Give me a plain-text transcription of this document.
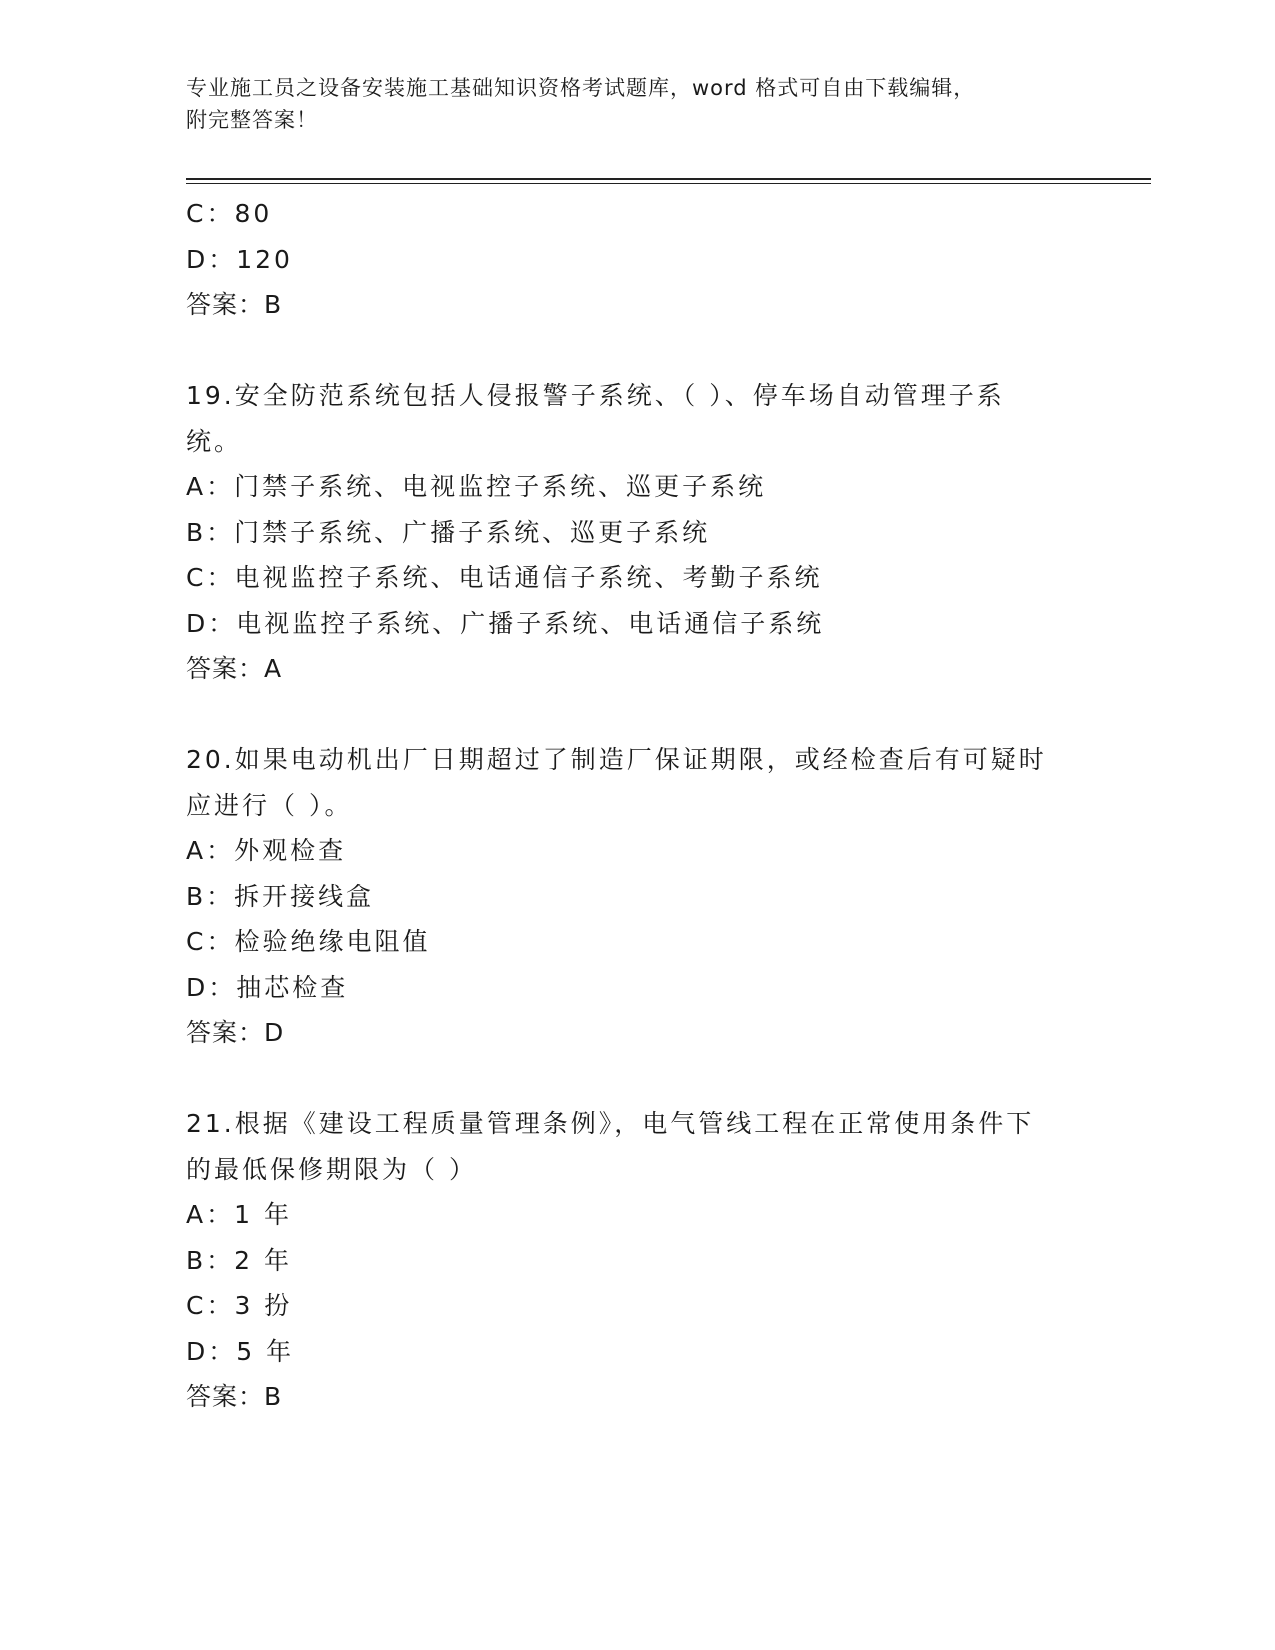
专业施工员之设备安装施工基础知识资格考试题库，word 格式可自由下载编辑，
附完整答案！
C：80
D：120
答案：B
19.安全防范系统包括人侵报警子系统、（ ）、停车场自动管理子系
统。
A：门禁子系统、电视监控子系统、巡更子系统
B：门禁子系统、广播子系统、巡更子系统
C：电视监控子系统、电话通信子系统、考勤子系统
D：电视监控子系统、广播子系统、电话通信子系统
答案：A
20.如果电动机出厂日期超过了制造厂保证期限，或经检查后有可疑时
应进行（ ）。
A：外观检查
B：拆开接线盒
C：检验绝缘电阻值
D：抽芯检查
答案：D
21.根据《建设工程质量管理条例》，电气管线工程在正常使用条件下
的最低保修期限为（ ）
A：1 年
B：2 年
C：3 扮
D：5 年
答案：B
